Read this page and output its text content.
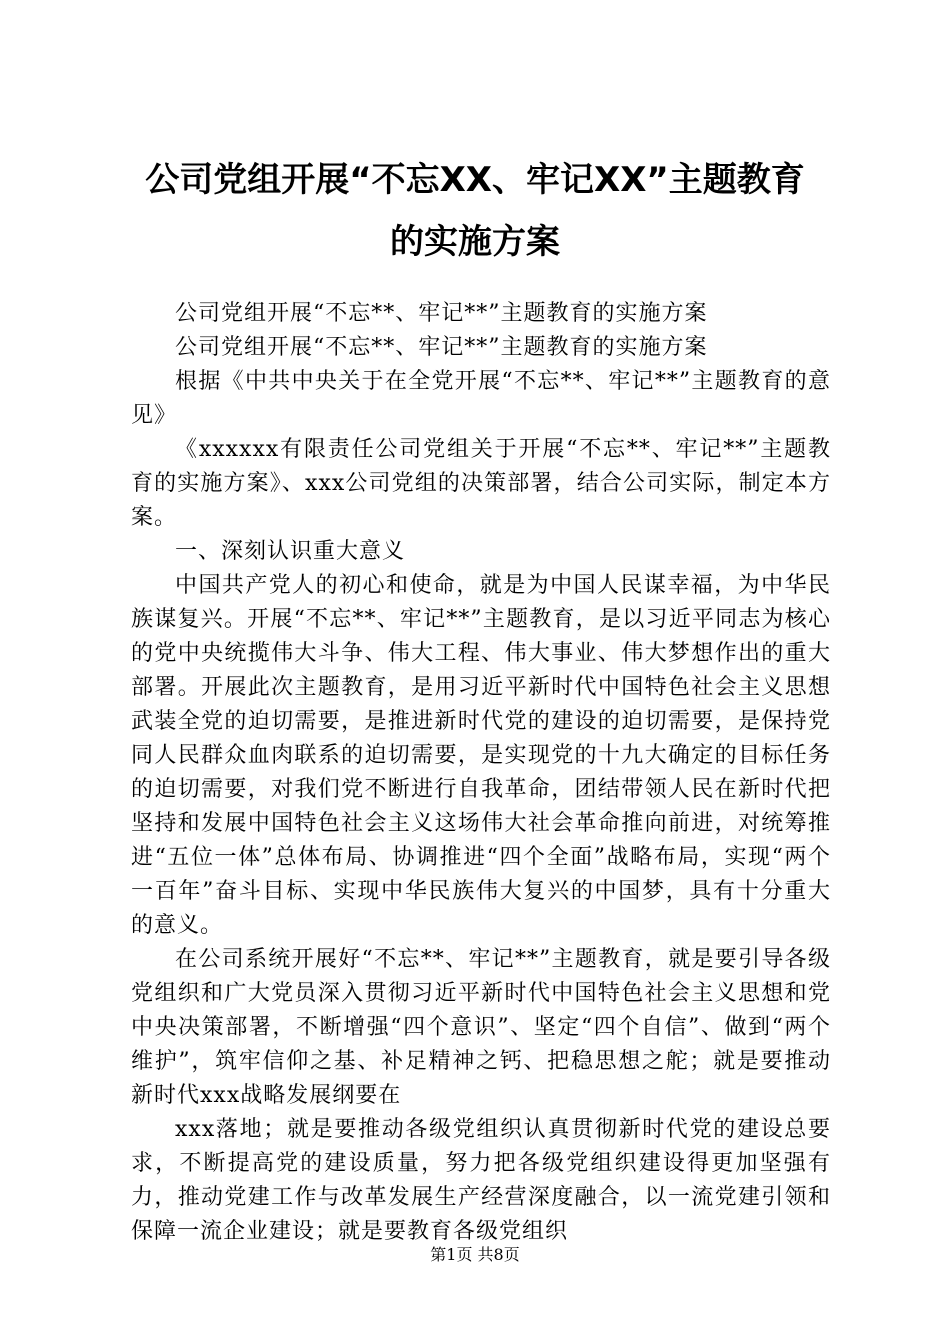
公司党组开展“不忘XX、牢记XX”主题教育
的实施方案

公司党组开展“不忘**、牢记**”主题教育的实施方案

公司党组开展“不忘**、牢记**”主题教育的实施方案

根据《中共中央关于在全党开展“不忘**、牢记**”主题教育的意见》

《xxxxxx有限责任公司党组关于开展“不忘**、牢记**”主题教育的实施方案》、xxx公司党组的决策部署，结合公司实际，制定本方案。

一、深刻认识重大意义

中国共产党人的初心和使命，就是为中国人民谋幸福，为中华民族谋复兴。开展“不忘**、牢记**”主题教育，是以习近平同志为核心的党中央统揽伟大斗争、伟大工程、伟大事业、伟大梦想作出的重大部署。开展此次主题教育，是用习近平新时代中国特色社会主义思想武装全党的迫切需要，是推进新时代党的建设的迫切需要，是保持党同人民群众血肉联系的迫切需要，是实现党的十九大确定的目标任务的迫切需要，对我们党不断进行自我革命，团结带领人民在新时代把坚持和发展中国特色社会主义这场伟大社会革命推向前进，对统筹推进“五位一体”总体布局、协调推进“四个全面”战略布局，实现“两个一百年”奋斗目标、实现中华民族伟大复兴的中国梦，具有十分重大的意义。

在公司系统开展好“不忘**、牢记**”主题教育，就是要引导各级党组织和广大党员深入贯彻习近平新时代中国特色社会主义思想和党中央决策部署，不断增强“四个意识”、坚定“四个自信”、做到“两个维护”，筑牢信仰之基、补足精神之钙、把稳思想之舵；就是要推动新时代xxx战略发展纲要在

xxx落地；就是要推动各级党组织认真贯彻新时代党的建设总要求，不断提高党的建设质量，努力把各级党组织建设得更加坚强有力，推动党建工作与改革发展生产经营深度融合，以一流党建引领和保障一流企业建设；就是要教育各级党组织

第1页 共8页
